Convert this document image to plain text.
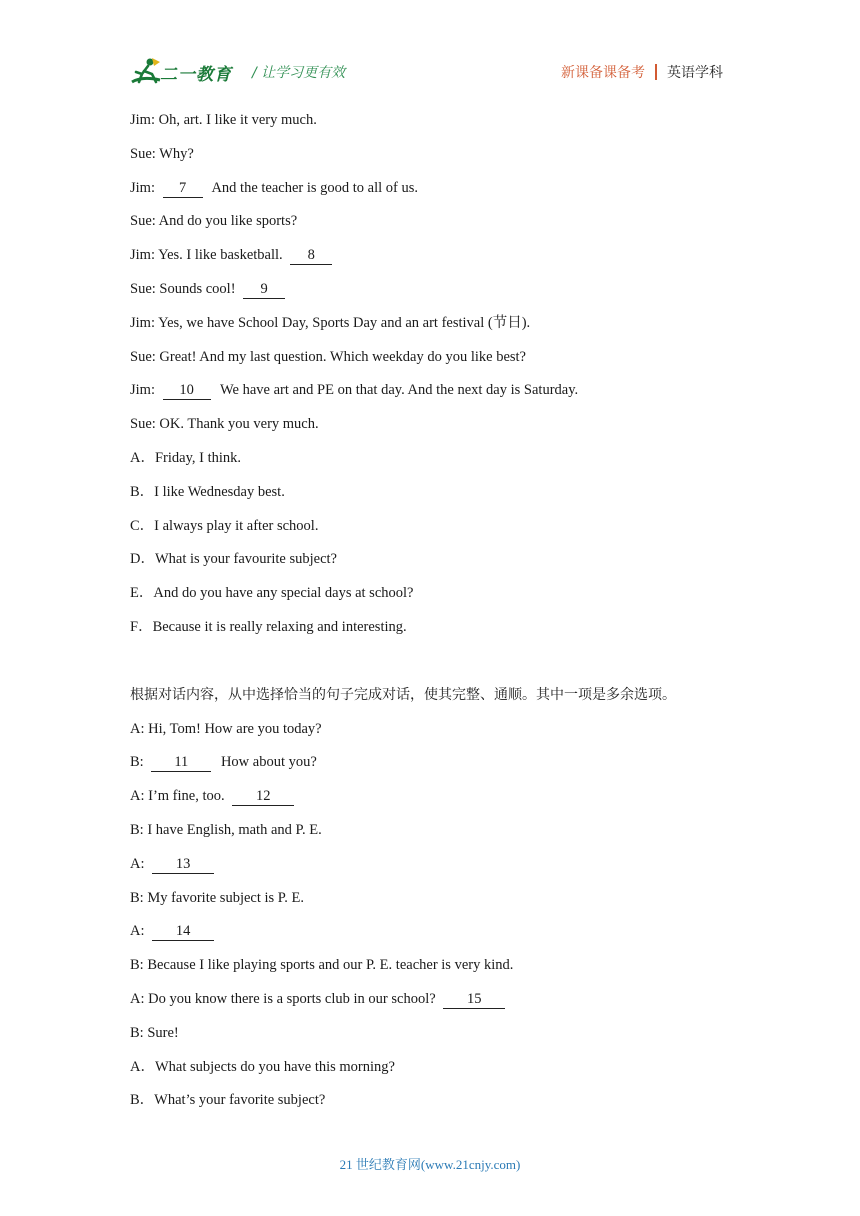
二一教育 / 让学习更有效	新课备课备考 英语学科
Jim: Oh, art. I like it very much.
Sue: Why?
Jim: 7 And the teacher is good to all of us.
Sue: And do you like sports?
Jim: Yes. I like basketball. 8
Sue: Sounds cool! 9
Jim: Yes, we have School Day, Sports Day and an art festival (节日).
Sue: Great! And my last question. Which weekday do you like best?
Jim: 10 We have art and PE on that day. And the next day is Saturday.
Sue: OK. Thank you very much.
A．Friday, I think.
B．I like Wednesday best.
C．I always play it after school.
D．What is your favourite subject?
E．And do you have any special days at school?
F．Because it is really relaxing and interesting.
根据对话内容，从中选择恰当的句子完成对话，使其完整、通顺。其中一项是多余选项。
A: Hi, Tom! How are you today?
B: 11 How about you?
A: I’m fine, too. 12
B: I have English, math and P. E.
A: 13
B: My favorite subject is P. E.
A: 14
B: Because I like playing sports and our P. E. teacher is very kind.
A: Do you know there is a sports club in our school? 15
B: Sure!
A．What subjects do you have this morning?
B．What’s your favorite subject?
21 世纪教育网(www.21cnjy.com)
